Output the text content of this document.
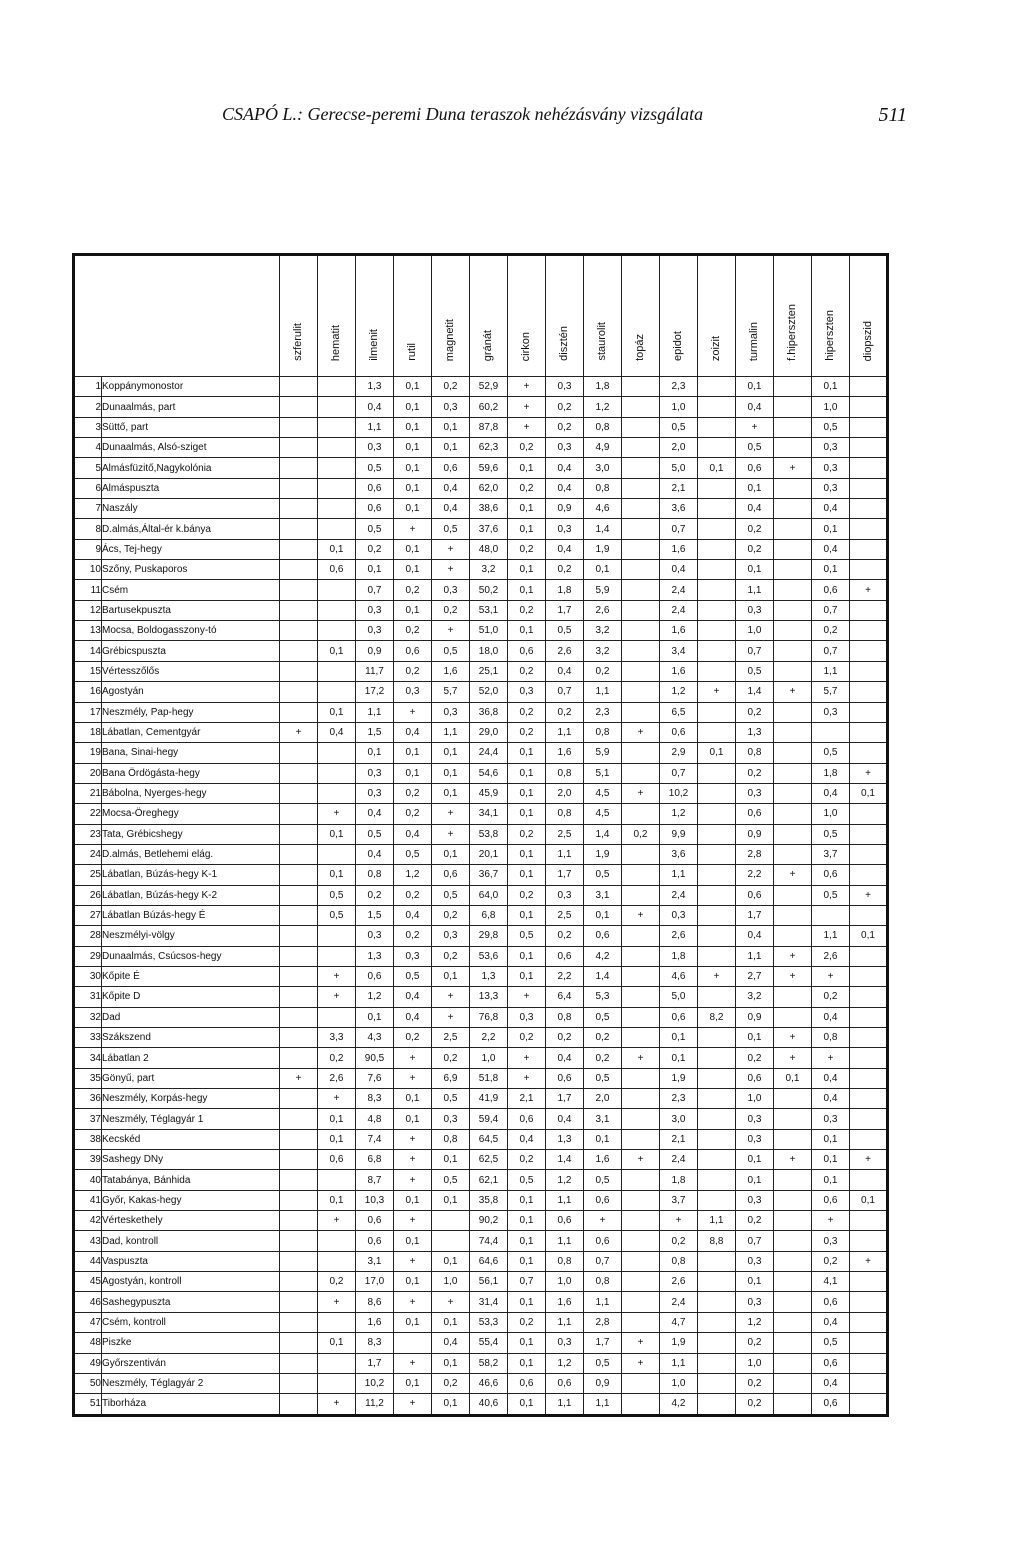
CSAPÓ L.: Gerecse-peremi Duna teraszok nehézásvány vizsgálata	511
		szferulit	hematit	ilmenit	rutil	magnetit	gránát	cirkon	disztén	staurolit	topáz	epidot	zoizit	turmalin	f.hiperszten	hiperszten	diopszid
1	Koppánymonostor			1,3	0,1	0,2	52,9	+	0,3	1,8		2,3		0,1		0,1	
2	Dunaalmás, part			0,4	0,1	0,3	60,2	+	0,2	1,2		1,0		0,4		1,0	
3	Süttő, part			1,1	0,1	0,1	87,8	+	0,2	0,8		0,5		+		0,5	
4	Dunaalmás, Alsó-sziget			0,3	0,1	0,1	62,3	0,2	0,3	4,9		2,0		0,5		0,3	
5	Almásfüzitő,Nagykolónia			0,5	0,1	0,6	59,6	0,1	0,4	3,0		5,0	0,1	0,6	+	0,3	
6	Almáspuszta			0,6	0,1	0,4	62,0	0,2	0,4	0,8		2,1		0,1		0,3	
7	Naszály			0,6	0,1	0,4	38,6	0,1	0,9	4,6		3,6		0,4		0,4	
8	D.almás,Által-ér k.bánya			0,5	+	0,5	37,6	0,1	0,3	1,4		0,7		0,2		0,1	
9	Ács, Tej-hegy		0,1	0,2	0,1	+	48,0	0,2	0,4	1,9		1,6		0,2		0,4	
10	Szőny, Puskaporos		0,6	0,1	0,1	+	3,2	0,1	0,2	0,1		0,4		0,1		0,1	
11	Csém			0,7	0,2	0,3	50,2	0,1	1,8	5,9		2,4		1,1		0,6	+
12	Bartusekpuszta			0,3	0,1	0,2	53,1	0,2	1,7	2,6		2,4		0,3		0,7	
13	Mocsa, Boldogasszony-tó			0,3	0,2	+	51,0	0,1	0,5	3,2		1,6		1,0		0,2	
14	Grébicspuszta		0,1	0,9	0,6	0,5	18,0	0,6	2,6	3,2		3,4		0,7		0,7	
15	Vértesszőlős			11,7	0,2	1,6	25,1	0,2	0,4	0,2		1,6		0,5		1,1	
16	Agostyán			17,2	0,3	5,7	52,0	0,3	0,7	1,1		1,2	+	1,4	+	5,7	
17	Neszmély, Pap-hegy		0,1	1,1	+	0,3	36,8	0,2	0,2	2,3		6,5		0,2		0,3	
18	Lábatlan, Cementgyár	+	0,4	1,5	0,4	1,1	29,0	0,2	1,1	0,8	+	0,6		1,3			
19	Bana, Sinai-hegy			0,1	0,1	0,1	24,4	0,1	1,6	5,9		2,9	0,1	0,8		0,5	
20	Bana Ördögásta-hegy			0,3	0,1	0,1	54,6	0,1	0,8	5,1		0,7		0,2		1,8	+
21	Bábolna, Nyerges-hegy			0,3	0,2	0,1	45,9	0,1	2,0	4,5	+	10,2		0,3		0,4	0,1
22	Mocsa-Öreghegy		+	0,4	0,2	+	34,1	0,1	0,8	4,5		1,2		0,6		1,0	
23	Tata, Grébicshegy		0,1	0,5	0,4	+	53,8	0,2	2,5	1,4	0,2	9,9		0,9		0,5	
24	D.almás, Betlehemi elág.			0,4	0,5	0,1	20,1	0,1	1,1	1,9		3,6		2,8		3,7	
25	Lábatlan, Búzás-hegy K-1		0,1	0,8	1,2	0,6	36,7	0,1	1,7	0,5		1,1		2,2	+	0,6	
26	Lábatlan, Búzás-hegy K-2		0,5	0,2	0,2	0,5	64,0	0,2	0,3	3,1		2,4		0,6		0,5	+
27	Lábatlan Búzás-hegy É		0,5	1,5	0,4	0,2	6,8	0,1	2,5	0,1	+	0,3		1,7			
28	Neszmélyi-völgy			0,3	0,2	0,3	29,8	0,5	0,2	0,6		2,6		0,4		1,1	0,1
29	Dunaalmás, Csúcsos-hegy			1,3	0,3	0,2	53,6	0,1	0,6	4,2		1,8		1,1	+	2,6	
30	Kőpite É		+	0,6	0,5	0,1	1,3	0,1	2,2	1,4		4,6	+	2,7	+	+	
31	Kőpite D		+	1,2	0,4	+	13,3	+	6,4	5,3		5,0		3,2		0,2	
32	Dad			0,1	0,4	+	76,8	0,3	0,8	0,5		0,6	8,2	0,9		0,4	
33	Szákszend		3,3	4,3	0,2	2,5	2,2	0,2	0,2	0,2		0,1		0,1	+	0,8	
34	Lábatlan 2		0,2	90,5	+	0,2	1,0	+	0,4	0,2	+	0,1		0,2	+	+	
35	Gönyű, part	+	2,6	7,6	+	6,9	51,8	+	0,6	0,5		1,9		0,6	0,1	0,4	
36	Neszmély, Korpás-hegy		+	8,3	0,1	0,5	41,9	2,1	1,7	2,0		2,3		1,0		0,4	
37	Neszmély, Téglagyár 1		0,1	4,8	0,1	0,3	59,4	0,6	0,4	3,1		3,0		0,3		0,3	
38	Kecskéd		0,1	7,4	+	0,8	64,5	0,4	1,3	0,1		2,1		0,3		0,1	
39	Sashegy DNy		0,6	6,8	+	0,1	62,5	0,2	1,4	1,6	+	2,4		0,1	+	0,1	+
40	Tatabánya, Bánhida			8,7	+	0,5	62,1	0,5	1,2	0,5		1,8		0,1		0,1	
41	Győr, Kakas-hegy		0,1	10,3	0,1	0,1	35,8	0,1	1,1	0,6		3,7		0,3		0,6	0,1
42	Vérteskethely		+	0,6	+		90,2	0,1	0,6	+		+	1,1	0,2		+	
43	Dad, kontroll			0,6	0,1		74,4	0,1	1,1	0,6		0,2	8,8	0,7		0,3	
44	Vaspuszta			3,1	+	0,1	64,6	0,1	0,8	0,7		0,8		0,3		0,2	+
45	Agostyán, kontroll		0,2	17,0	0,1	1,0	56,1	0,7	1,0	0,8		2,6		0,1		4,1	
46	Sashegypuszta		+	8,6	+	+	31,4	0,1	1,6	1,1		2,4		0,3		0,6	
47	Csém, kontroll			1,6	0,1	0,1	53,3	0,2	1,1	2,8		4,7		1,2		0,4	
48	Piszke		0,1	8,3		0,4	55,4	0,1	0,3	1,7	+	1,9		0,2		0,5	
49	Győrszentiván			1,7	+	0,1	58,2	0,1	1,2	0,5	+	1,1		1,0		0,6	
50	Neszmély, Téglagyár 2			10,2	0,1	0,2	46,6	0,6	0,6	0,9		1,0		0,2		0,4	
51	Tiborháza		+	11,2	+	0,1	40,6	0,1	1,1	1,1		4,2		0,2		0,6	
